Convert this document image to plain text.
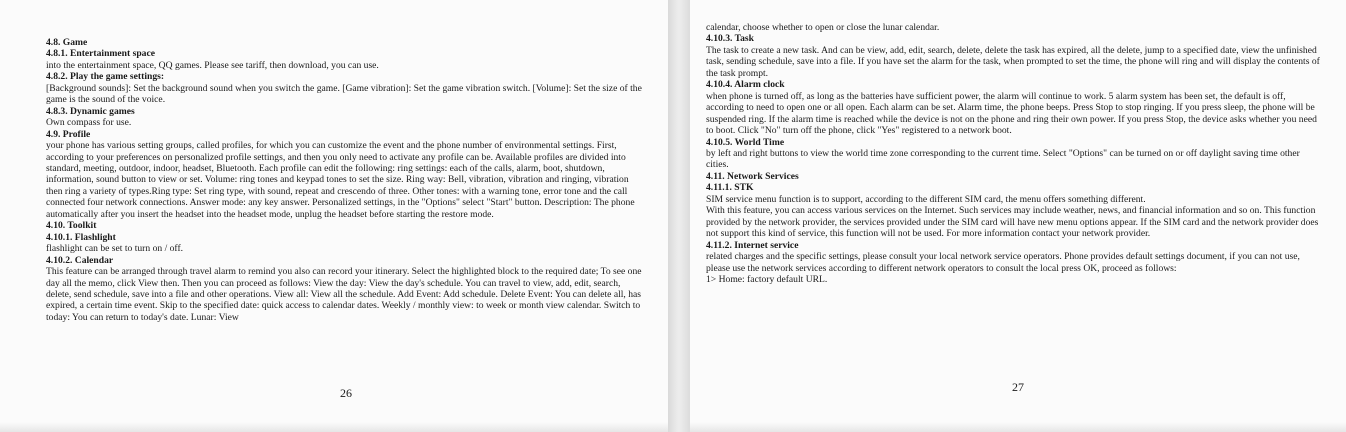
4.8. Game
4.8.1. Entertainment space
into the entertainment space, QQ games. Please see tariff, then download, you can use.
4.8.2. Play the game settings:
[Background sounds]: Set the background sound when you switch the game. [Game vibration]: Set the game vibration switch. [Volume]: Set the size of the game is the sound of the voice.
4.8.3. Dynamic games
Own compass for use.
4.9. Profile
your phone has various setting groups, called profiles, for which you can customize the event and the phone number of environmental settings. First, according to your preferences on personalized profile settings, and then you only need to activate any profile can be. Available profiles are divided into standard, meeting, outdoor, indoor, headset, Bluetooth. Each profile can edit the following: ring settings: each of the calls, alarm, boot, shutdown, information, sound button to view or set. Volume: ring tones and keypad tones to set the size. Ring way: Bell, vibration, vibration and ringing, vibration then ring a variety of types.Ring type: Set ring type, with sound, repeat and crescendo of three. Other tones: with a warning tone, error tone and the call connected four network connections. Answer mode: any key answer. Personalized settings, in the "Options" select "Start" button. Description: The phone automatically after you insert the headset into the headset mode, unplug the headset before starting the restore mode.
4.10. Toolkit
4.10.1. Flashlight
flashlight can be set to turn on / off.
4.10.2. Calendar
This feature can be arranged through travel alarm to remind you also can record your itinerary. Select the highlighted block to the required date; To see one day all the memo, click View then. Then you can proceed as follows: View the day: View the day's schedule. You can travel to view, add, edit, search, delete, send schedule, save into a file and other operations. View all: View all the schedule. Add Event: Add schedule. Delete Event: You can delete all, has expired, a certain time event. Skip to the specified date: quick access to calendar dates. Weekly / monthly view: to week or month view calendar. Switch to today: You can return to today's date. Lunar: View
calendar, choose whether to open or close the lunar calendar.
4.10.3. Task
The task to create a new task. And can be view, add, edit, search, delete, delete the task has expired, all the delete, jump to a specified date, view the unfinished task, sending schedule, save into a file. If you have set the alarm for the task, when prompted to set the time, the phone will ring and will display the contents of the task prompt.
4.10.4. Alarm clock
when phone is turned off, as long as the batteries have sufficient power, the alarm will continue to work. 5 alarm system has been set, the default is off, according to need to open one or all open. Each alarm can be set. Alarm time, the phone beeps. Press Stop to stop ringing. If you press sleep, the phone will be suspended ring. If the alarm time is reached while the device is not on the phone and ring their own power. If you press Stop, the device asks whether you need to boot. Click "No" turn off the phone, click "Yes" registered to a network boot.
4.10.5. World Time
by left and right buttons to view the world time zone corresponding to the current time. Select "Options" can be turned on or off daylight saving time other cities.
4.11. Network Services
4.11.1. STK
SIM service menu function is to support, according to the different SIM card, the menu offers something different.
With this feature, you can access various services on the Internet. Such services may include weather, news, and financial information and so on. This function provided by the network provider, the services provided under the SIM card will have new menu options appear. If the SIM card and the network provider does not support this kind of service, this function will not be used. For more information contact your network provider.
4.11.2. Internet service
related charges and the specific settings, please consult your local network service operators. Phone provides default settings document, if you can not use, please use the network services according to different network operators to consult the local press OK, proceed as follows:
1> Home: factory default URL.
26	27
